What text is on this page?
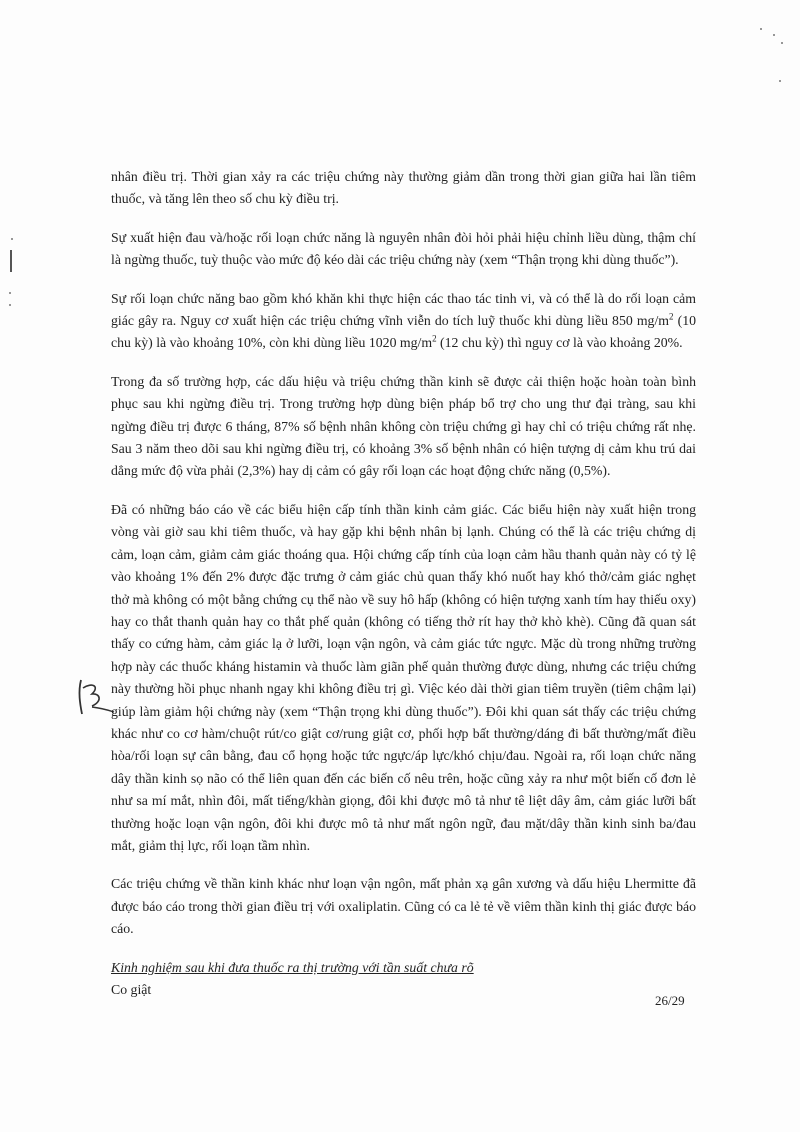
nhân điều trị. Thời gian xảy ra các triệu chứng này thường giảm dần trong thời gian giữa hai lần tiêm thuốc, và tăng lên theo số chu kỳ điều trị.

Sự xuất hiện đau và/hoặc rối loạn chức năng là nguyên nhân đòi hỏi phải hiệu chỉnh liều dùng, thậm chí là ngừng thuốc, tuỳ thuộc vào mức độ kéo dài các triệu chứng này (xem “Thận trọng khi dùng thuốc”).

Sự rối loạn chức năng bao gồm khó khăn khi thực hiện các thao tác tinh vi, và có thể là do rối loạn cảm giác gây ra. Nguy cơ xuất hiện các triệu chứng vĩnh viễn do tích luỹ thuốc khi dùng liều 850 $mg/m^2$ (10 chu kỳ) là vào khoảng 10%, còn khi dùng liều 1020 $mg/m^2$ (12 chu kỳ) thì nguy cơ là vào khoảng 20%.

Trong đa số trường hợp, các dấu hiệu và triệu chứng thần kinh sẽ được cải thiện hoặc hoàn toàn bình phục sau khi ngừng điều trị. Trong trường hợp dùng biện pháp bổ trợ cho ung thư đại tràng, sau khi ngừng điều trị được 6 tháng, 87% số bệnh nhân không còn triệu chứng gì hay chỉ có triệu chứng rất nhẹ. Sau 3 năm theo dõi sau khi ngừng điều trị, có khoảng 3% số bệnh nhân có hiện tượng dị cảm khu trú dai dẳng mức độ vừa phải (2,3%) hay dị cảm có gây rối loạn các hoạt động chức năng (0,5%).

Đã có những báo cáo về các biểu hiện cấp tính thần kinh cảm giác. Các biểu hiện này xuất hiện trong vòng vài giờ sau khi tiêm thuốc, và hay gặp khi bệnh nhân bị lạnh. Chúng có thể là các triệu chứng dị cảm, loạn cảm, giảm cảm giác thoáng qua. Hội chứng cấp tính của loạn cảm hầu thanh quản này có tỷ lệ vào khoảng 1% đến 2% được đặc trưng ở cảm giác chủ quan thấy khó nuốt hay khó thở/cảm giác nghẹt thở mà không có một bằng chứng cụ thể nào về suy hô hấp (không có hiện tượng xanh tím hay thiếu oxy) hay co thắt thanh quản hay co thắt phế quản (không có tiếng thở rít hay thở khò khè). Cũng đã quan sát thấy co cứng hàm, cảm giác lạ ở lưỡi, loạn vận ngôn, và cảm giác tức ngực. Mặc dù trong những trường hợp này các thuốc kháng histamin và thuốc làm giãn phế quản thường được dùng, nhưng các triệu chứng này thường hồi phục nhanh ngay khi không điều trị gì. Việc kéo dài thời gian tiêm truyền (tiêm chậm lại) giúp làm giảm hội chứng này (xem “Thận trọng khi dùng thuốc”). Đôi khi quan sát thấy các triệu chứng khác như co cơ hàm/chuột rút/co giật cơ/rung giật cơ, phối hợp bất thường/dáng đi bất thường/mất điều hòa/rối loạn sự cân bằng, đau cổ họng hoặc tức ngực/áp lực/khó chịu/đau. Ngoài ra, rối loạn chức năng dây thần kinh sọ não có thể liên quan đến các biến cố nêu trên, hoặc cũng xảy ra như một biến cố đơn lẻ như sa mí mắt, nhìn đôi, mất tiếng/khàn giọng, đôi khi được mô tả như tê liệt dây âm, cảm giác lưỡi bất thường hoặc loạn vận ngôn, đôi khi được mô tả như mất ngôn ngữ, đau mặt/dây thần kinh sinh ba/đau mắt, giảm thị lực, rối loạn tầm nhìn.

Các triệu chứng về thần kinh khác như loạn vận ngôn, mất phản xạ gân xương và dấu hiệu Lhermitte đã được báo cáo trong thời gian điều trị với oxaliplatin. Cũng có ca lẻ tẻ về viêm thần kinh thị giác được báo cáo.

Kinh nghiệm sau khi đưa thuốc ra thị trường với tần suất chưa rõ

Co giật

26/29
